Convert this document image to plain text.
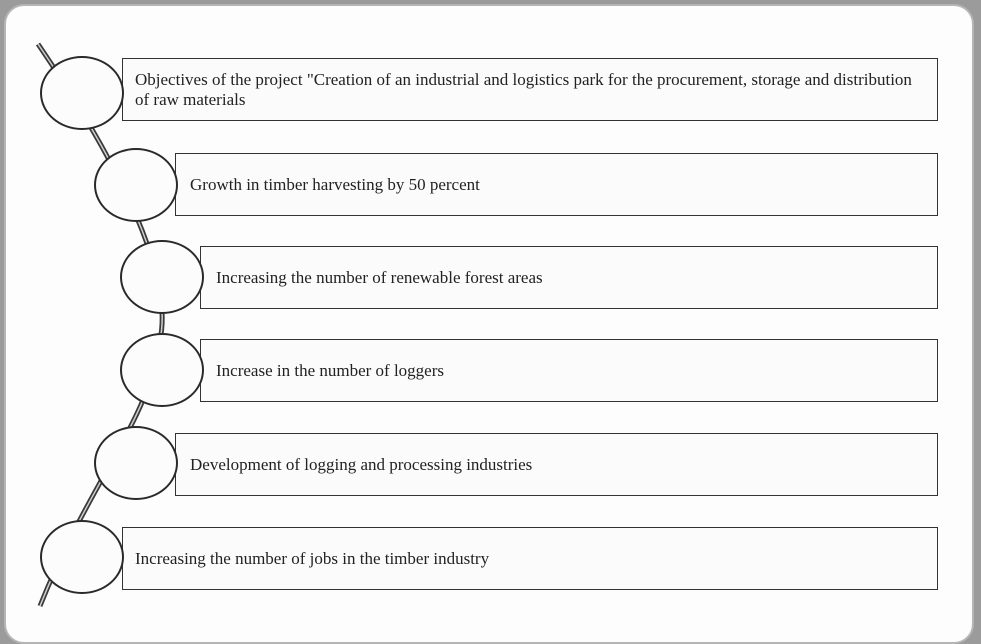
Objectives of the project "Creation of an industrial and logistics park for the procurement, storage and distribution of raw materials
Growth in timber harvesting by 50 percent
Increasing the number of renewable forest areas
Increase in the number of loggers
Development of logging and processing industries
Increasing the number of jobs in the timber industry
